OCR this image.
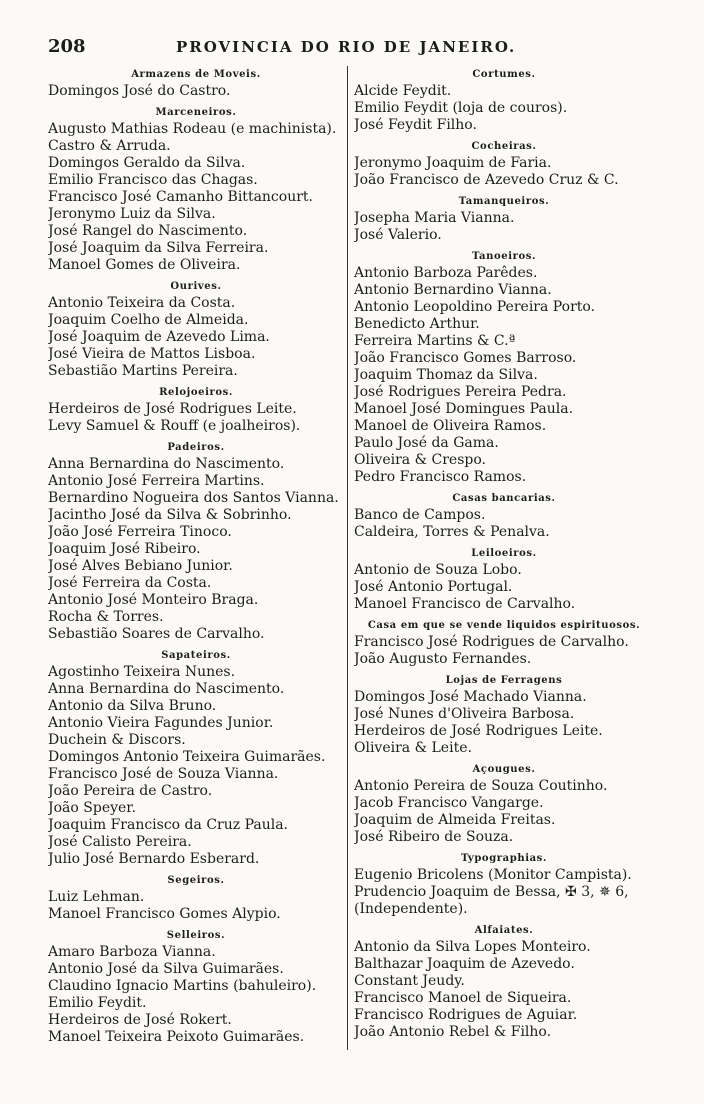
208	PROVINCIA DO RIO DE JANEIRO.
Armazens de Moveis.
Domingos José do Castro.
Marceneiros.
Augusto Mathias Rodeau (e machinista).
Castro & Arruda.
Domingos Geraldo da Silva.
Emilio Francisco das Chagas.
Francisco José Camanho Bittancourt.
Jeronymo Luiz da Silva.
José Rangel do Nascimento.
José Joaquim da Silva Ferreira.
Manoel Gomes de Oliveira.
Ourives.
Antonio Teixeira da Costa.
Joaquim Coelho de Almeida.
José Joaquim de Azevedo Lima.
José Vieira de Mattos Lisboa.
Sebastião Martins Pereira.
Relojoeiros.
Herdeiros de José Rodrigues Leite.
Levy Samuel & Rouff (e joalheiros).
Padeiros.
Anna Bernardina do Nascimento.
Antonio José Ferreira Martins.
Bernardino Nogueira dos Santos Vianna.
Jacintho José da Silva & Sobrinho.
João José Ferreira Tinoco.
Joaquim José Ribeiro.
José Alves Bebiano Junior.
José Ferreira da Costa.
Antonio José Monteiro Braga.
Rocha & Torres.
Sebastião Soares de Carvalho.
Sapateiros.
Agostinho Teixeira Nunes.
Anna Bernardina do Nascimento.
Antonio da Silva Bruno.
Antonio Vieira Fagundes Junior.
Duchein & Discors.
Domingos Antonio Teixeira Guimarães.
Francisco José de Souza Vianna.
João Pereira de Castro.
João Speyer.
Joaquim Francisco da Cruz Paula.
José Calisto Pereira.
Julio José Bernardo Esberard.
Segeiros.
Luiz Lehman.
Manoel Francisco Gomes Alypio.
Selleiros.
Amaro Barboza Vianna.
Antonio José da Silva Guimarães.
Claudino Ignacio Martins (bahuleiro).
Emilio Feydit.
Herdeiros de José Rokert.
Manoel Teixeira Peixoto Guimarães.
Cortumes.
Alcide Feydit.
Emilio Feydit (loja de couros).
José Feydit Filho.
Cocheiras.
Jeronymo Joaquim de Faria.
João Francisco de Azevedo Cruz & C.
Tamanqueiros.
Josepha Maria Vianna.
José Valerio.
Tanoeiros.
Antonio Barboza Parêdes.
Antonio Bernardino Vianna.
Antonio Leopoldino Pereira Porto.
Benedicto Arthur.
Ferreira Martins & C.ª
João Francisco Gomes Barroso.
Joaquim Thomaz da Silva.
José Rodrigues Pereira Pedra.
Manoel José Domingues Paula.
Manoel de Oliveira Ramos.
Paulo José da Gama.
Oliveira & Crespo.
Pedro Francisco Ramos.
Casas bancarias.
Banco de Campos.
Caldeira, Torres & Penalva.
Leiloeiros.
Antonio de Souza Lobo.
José Antonio Portugal.
Manoel Francisco de Carvalho.
Casa em que se vende liquidos espirituosos.
Francisco José Rodrigues de Carvalho.
João Augusto Fernandes.
Lojas de Ferragens
Domingos José Machado Vianna.
José Nunes d'Oliveira Barbosa.
Herdeiros de José Rodrigues Leite.
Oliveira & Leite.
Açougues.
Antonio Pereira de Souza Coutinho.
Jacob Francisco Vangarge.
Joaquim de Almeida Freitas.
José Ribeiro de Souza.
Typographias.
Eugenio Bricolens (Monitor Campista).
Prudencio Joaquim de Bessa, ✠ 3, ✵ 6, (Independente).
Alfaiates.
Antonio da Silva Lopes Monteiro.
Balthazar Joaquim de Azevedo.
Constant Jeudy.
Francisco Manoel de Siqueira.
Francisco Rodrigues de Aguiar.
João Antonio Rebel & Filho.
